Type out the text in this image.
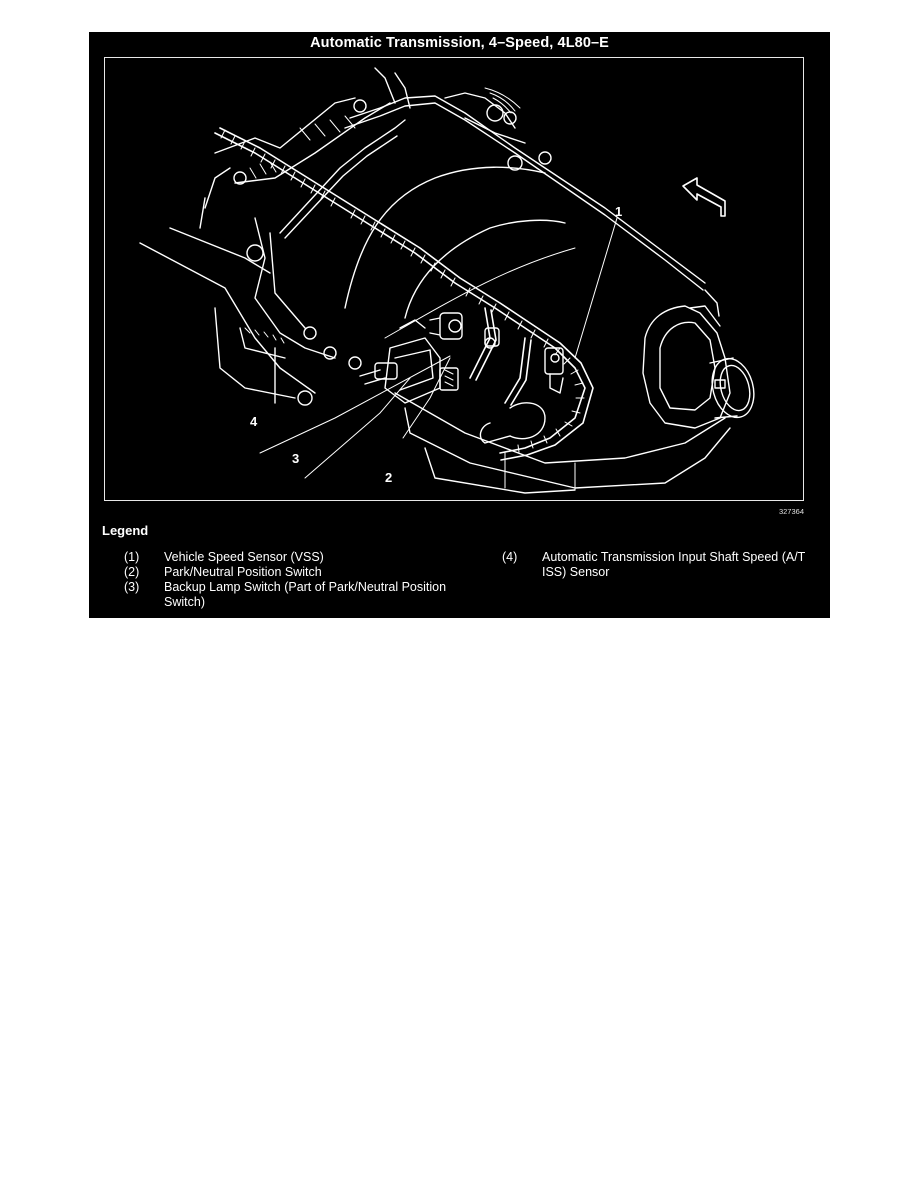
Automatic Transmission, 4–Speed, 4L80–E
1
2
3
4
327364
Legend
(1)	Vehicle Speed Sensor (VSS)
(2)	Park/Neutral Position Switch
(3)	Backup Lamp Switch (Part of Park/Neutral Position Switch)
(4)	Automatic Transmission Input Shaft Speed (A/T ISS) Sensor
